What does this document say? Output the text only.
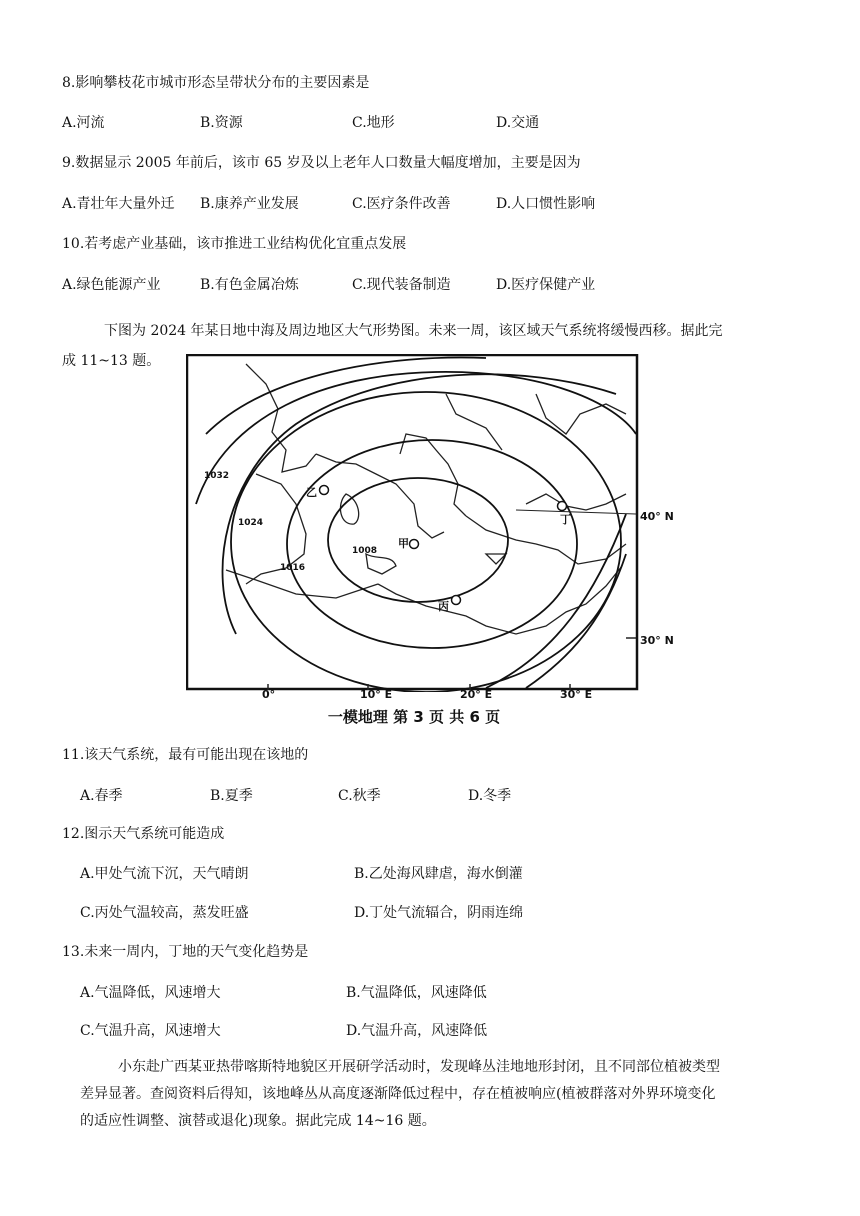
8.影响攀枝花市城市形态呈带状分布的主要因素是
A.河流	B.资源	C.地形	D.交通
9.数据显示 2005 年前后，该市 65 岁及以上老年人口数量大幅度增加，主要是因为
A.青壮年大量外迁 B.康养产业发展	C.医疗条件改善	D.人口惯性影响
10.若考虑产业基础，该市推进工业结构优化宜重点发展
A.绿色能源产业	B.有色金属冶炼	C.现代装备制造	D.医疗保健产业
下图为 2024 年某日地中海及周边地区大气形势图。未来一周，该区域天气系统将缓慢西移。据此完
成 11~13 题。
1032
1024
1016
1008
甲
乙
丙
丁
0°	10° E	20° E	30° E
40° N
30° N
一模地理 第 3 页 共 6 页
11.该天气系统，最有可能出现在该地的
A.春季	B.夏季	C.秋季	D.冬季
12.图示天气系统可能造成
A.甲处气流下沉，天气晴朗	B.乙处海风肆虐，海水倒灌
C.丙处气温较高，蒸发旺盛	D.丁处气流辐合，阴雨连绵
13.未来一周内，丁地的天气变化趋势是
A.气温降低，风速增大	B.气温降低，风速降低
C.气温升高，风速增大	D.气温升高，风速降低
小东赴广西某亚热带喀斯特地貌区开展研学活动时，发现峰丛洼地地形封闭，且不同部位植被类型
差异显著。查阅资料后得知，该地峰丛从高度逐渐降低过程中，存在植被响应(植被群落对外界环境变化
的适应性调整、演替或退化)现象。据此完成 14~16 题。
